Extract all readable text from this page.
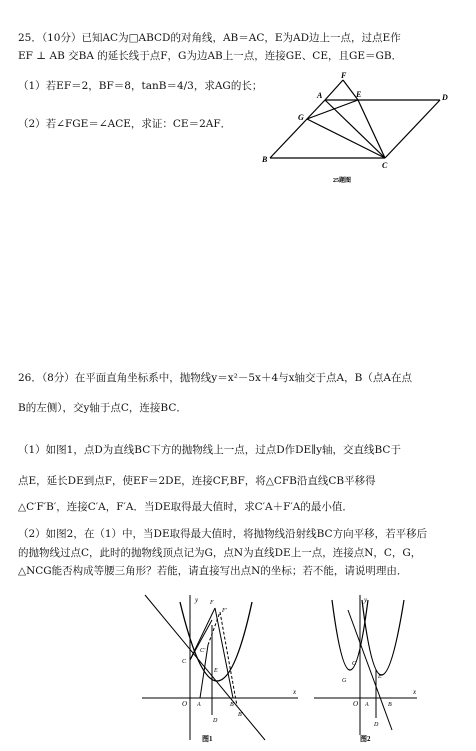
25．（10分）已知AC为□ABCD的对角线，AB＝AC，E为AD边上一点，过点E作
EF ⊥ AB 交BA 的延长线于点F，G为边AB上一点，连接GE、CE，且GE＝GB．
（1）若EF＝2，BF＝8，tanB＝4/3，求AG的长；
（2）若∠FGE＝∠ACE，求证：CE＝2AF．
F
A	E	D
G
B
C
25题图
26．（8分）在平面直角坐标系中，抛物线y＝x²－5x＋4与x轴交于点A，B（点A在点
B的左侧），交y轴于点C，连接BC．
（1）如图1，点D为直线BC下方的抛物线上一点，过点D作DE∥y轴，交直线BC于
点E，延长DE到点F，使EF＝2DE，连接CF,BF，将△CFB沿直线CB平移得
△C′F′B′，连接C′A，F′A．当DE取得最大值时，求C′A＋F′A的最小值．
（2）如图2，在（1）中，当DE取得最大值时，将抛物线沿射线BC方向平移，若平移后
的抛物线过点C，此时的抛物线顶点记为G，点N为直线DE上一点，连接点N，C，G，
△NCG能否构成等腰三角形？若能，请直接写出点N的坐标；若不能，请说明理由．
y
x
O A	B
C
D
E
F
F′
C′
B′
图1
y
x
O A	B
C
D
E
G
图2
